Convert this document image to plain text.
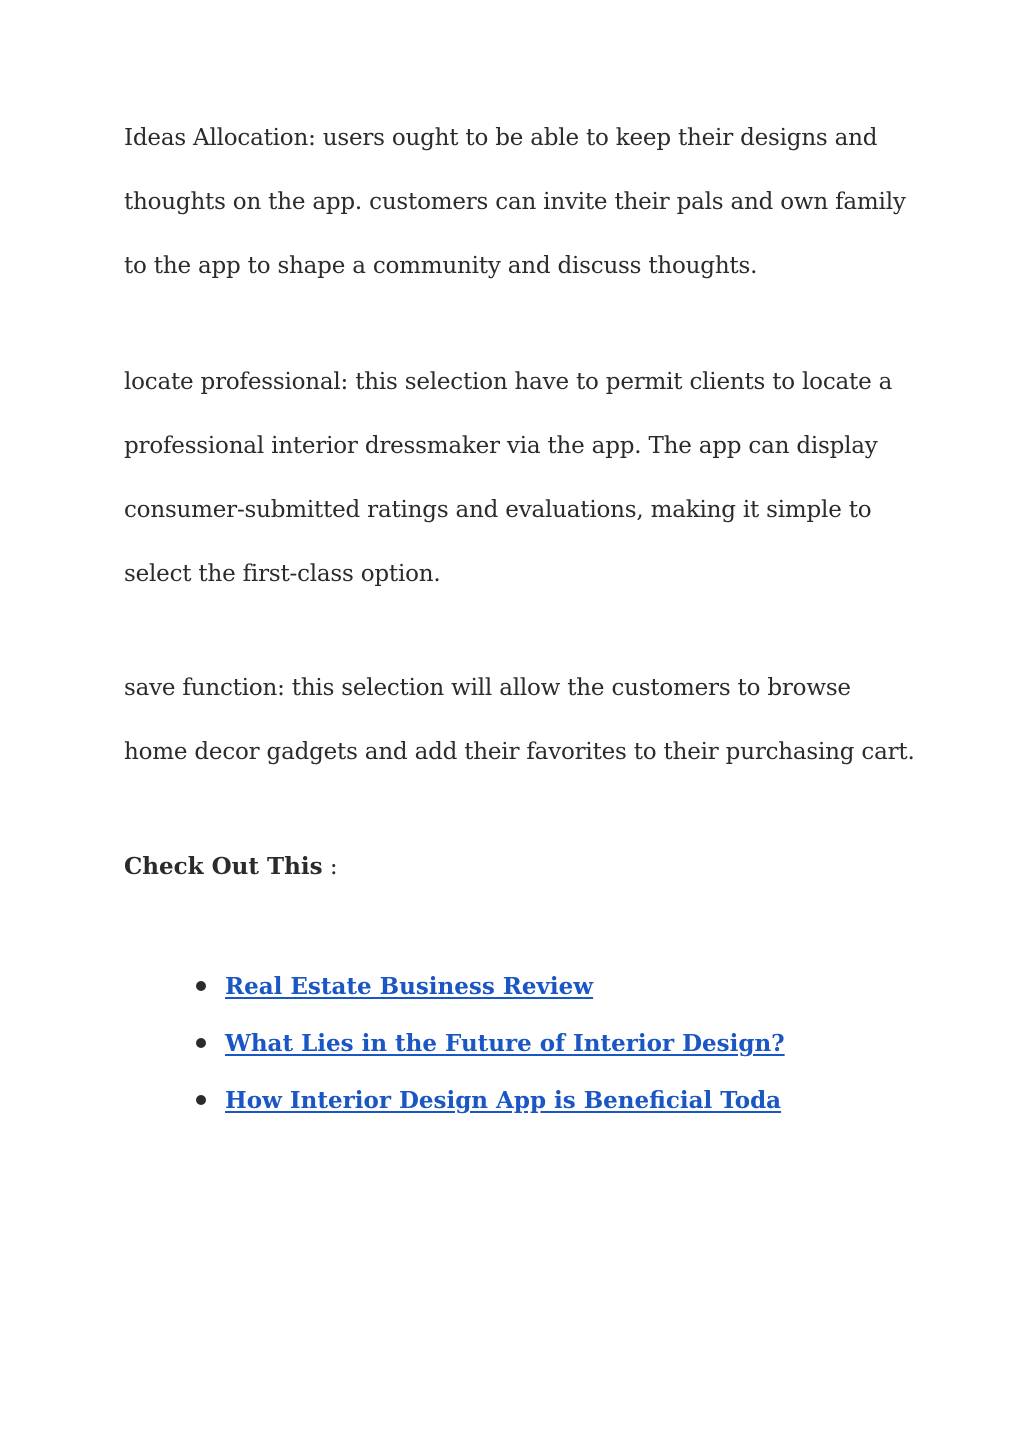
Ideas Allocation: users ought to be able to keep their designs and
thoughts on the app. customers can invite their pals and own family
to the app to shape a community and discuss thoughts.

locate professional: this selection have to permit clients to locate a
professional interior dressmaker via the app. The app can display
consumer-submitted ratings and evaluations, making it simple to
select the first-class option.

save function: this selection will allow the customers to browse
home decor gadgets and add their favorites to their purchasing cart.

Check Out This :

Real Estate Business Review
What Lies in the Future of Interior Design?
How Interior Design App is Beneficial Toda
